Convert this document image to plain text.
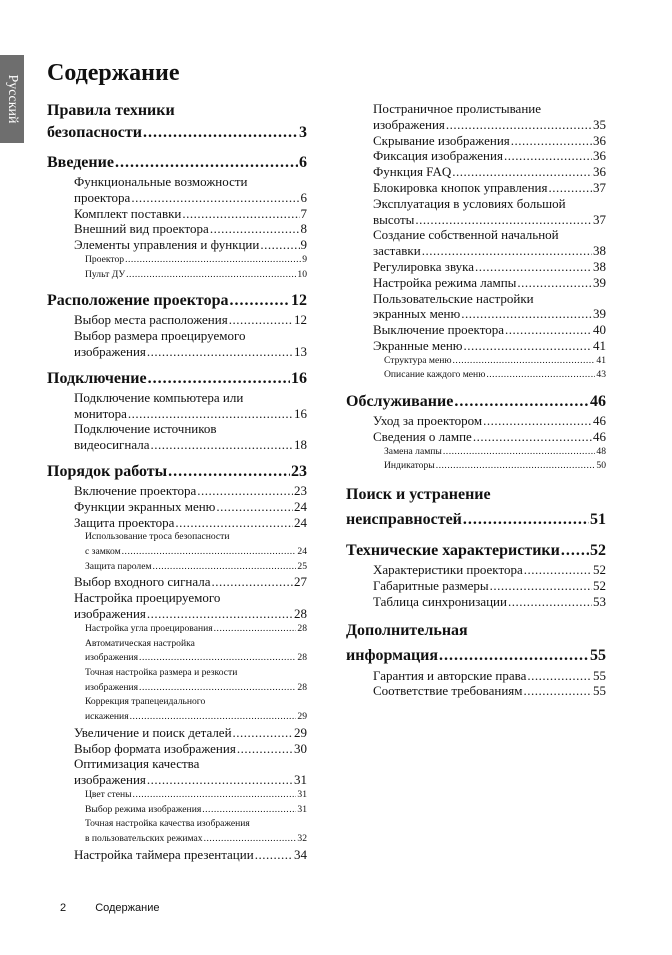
Русский
Содержание
Правила техники
безопасности .....	3
Введение .....	6
Функциональные возможности
проектора .....	6
Комплект поставки .....	7
Внешний вид проектора .....	8
Элементы управления и функции .....	9
Проектор .....	9
Пульт ДУ .....	10
Расположение проектора .....	12
Выбор места расположения .....	12
Выбор размера проецируемого
изображения .....	13
Подключение .....	16
Подключение компьютера или
монитора .....	16
Подключение источников
видеосигнала .....	18
Порядок работы .....	23
Включение проектора .....	23
Функции экранных меню .....	24
Защита проектора .....	24
Использование троса безопасности
с замком .....	24
Защита паролем .....	25
Выбор входного сигнала .....	27
Настройка проецируемого
изображения .....	28
Настройка угла проецирования .....	28
Автоматическая настройка
изображения .....	28
Точная настройка размера и резкости
изображения .....	28
Коррекция трапецеидального
искажения .....	29
Увеличение и поиск деталей .....	29
Выбор формата изображения .....	30
Оптимизация качества
изображения .....	31
Цвет стены .....	31
Выбор режима изображения .....	31
Точная настройка качества изображения
в пользовательских режимах .....	32
Настройка таймера презентации .....	34
Постраничное пролистывание
изображения .....	35
Скрывание изображения .....	36
Фиксация изображения .....	36
Функция FAQ .....	36
Блокировка кнопок управления .....	37
Эксплуатация в условиях большой
высоты .....	37
Создание собственной начальной
заставки .....	38
Регулировка звука .....	38
Настройка режима лампы .....	39
Пользовательские настройки
экранных меню .....	39
Выключение проектора .....	40
Экранные меню .....	41
Структура меню .....	41
Описание каждого меню .....	43
Обслуживание .....	46
Уход за проектором .....	46
Сведения о лампе .....	46
Замена лампы .....	48
Индикаторы .....	50
Поиск и устранение
неисправностей .....	51
Технические характеристики ..... 52
Характеристики проектора .....	52
Габаритные размеры .....	52
Таблица синхронизации .....	53
Дополнительная
информация .....	55
Гарантия и авторские права .....	55
Соответствие требованиям .....	55
2	Содержание
